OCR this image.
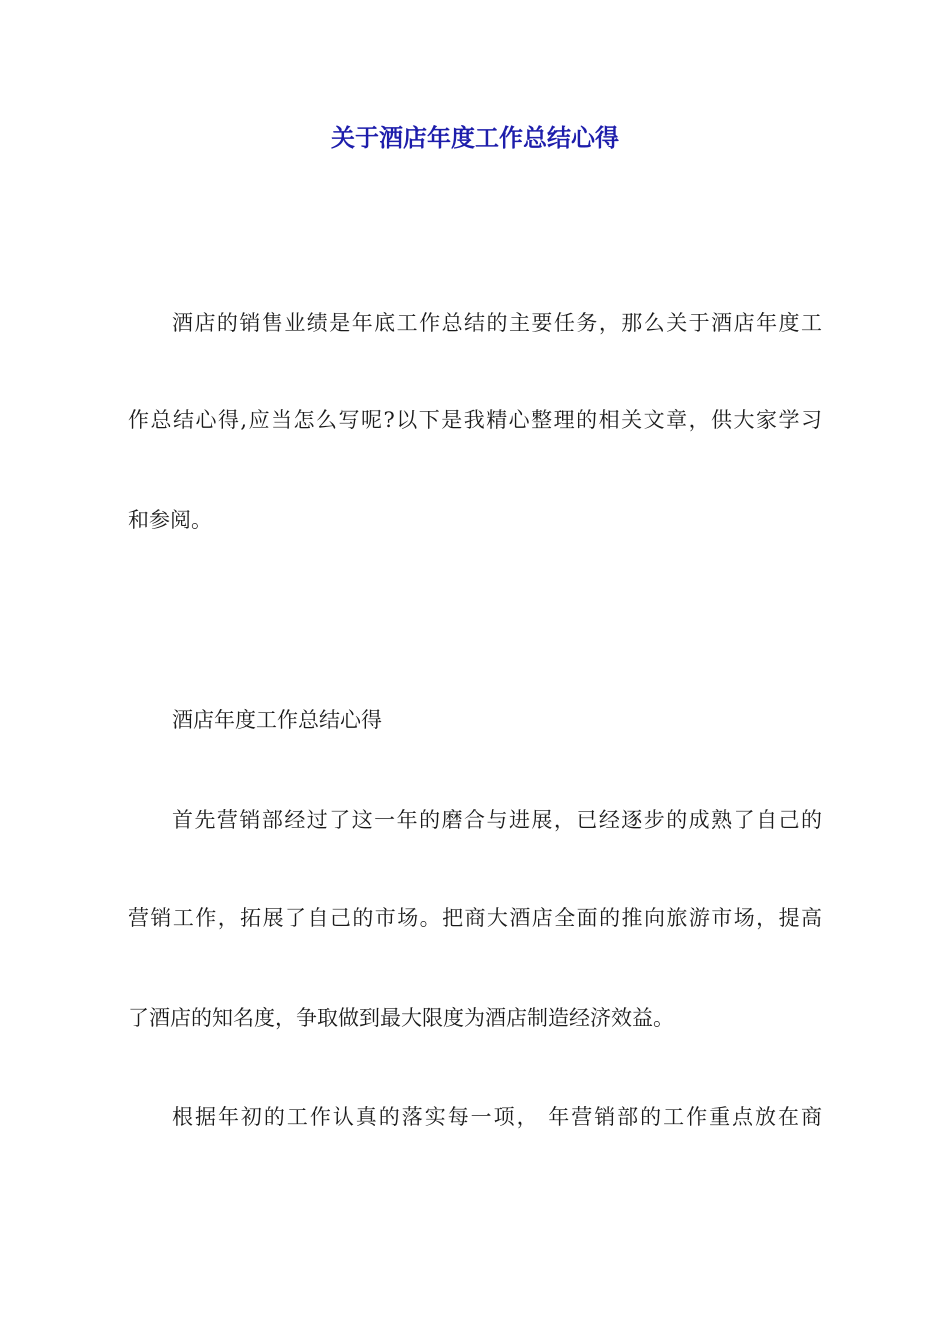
关于酒店年度工作总结心得

酒店的销售业绩是年底工作总结的主要任务，那么关于酒店年度工

作总结心得,应当怎么写呢?以下是我精心整理的相关文章，供大家学习

和参阅。

酒店年度工作总结心得

首先营销部经过了这一年的磨合与进展，已经逐步的成熟了自己的

营销工作，拓展了自己的市场。把商大酒店全面的推向旅游市场，提高

了酒店的知名度，争取做到最大限度为酒店制造经济效益。

根据年初的工作认真的落实每一项， 年营销部的工作重点放在商
